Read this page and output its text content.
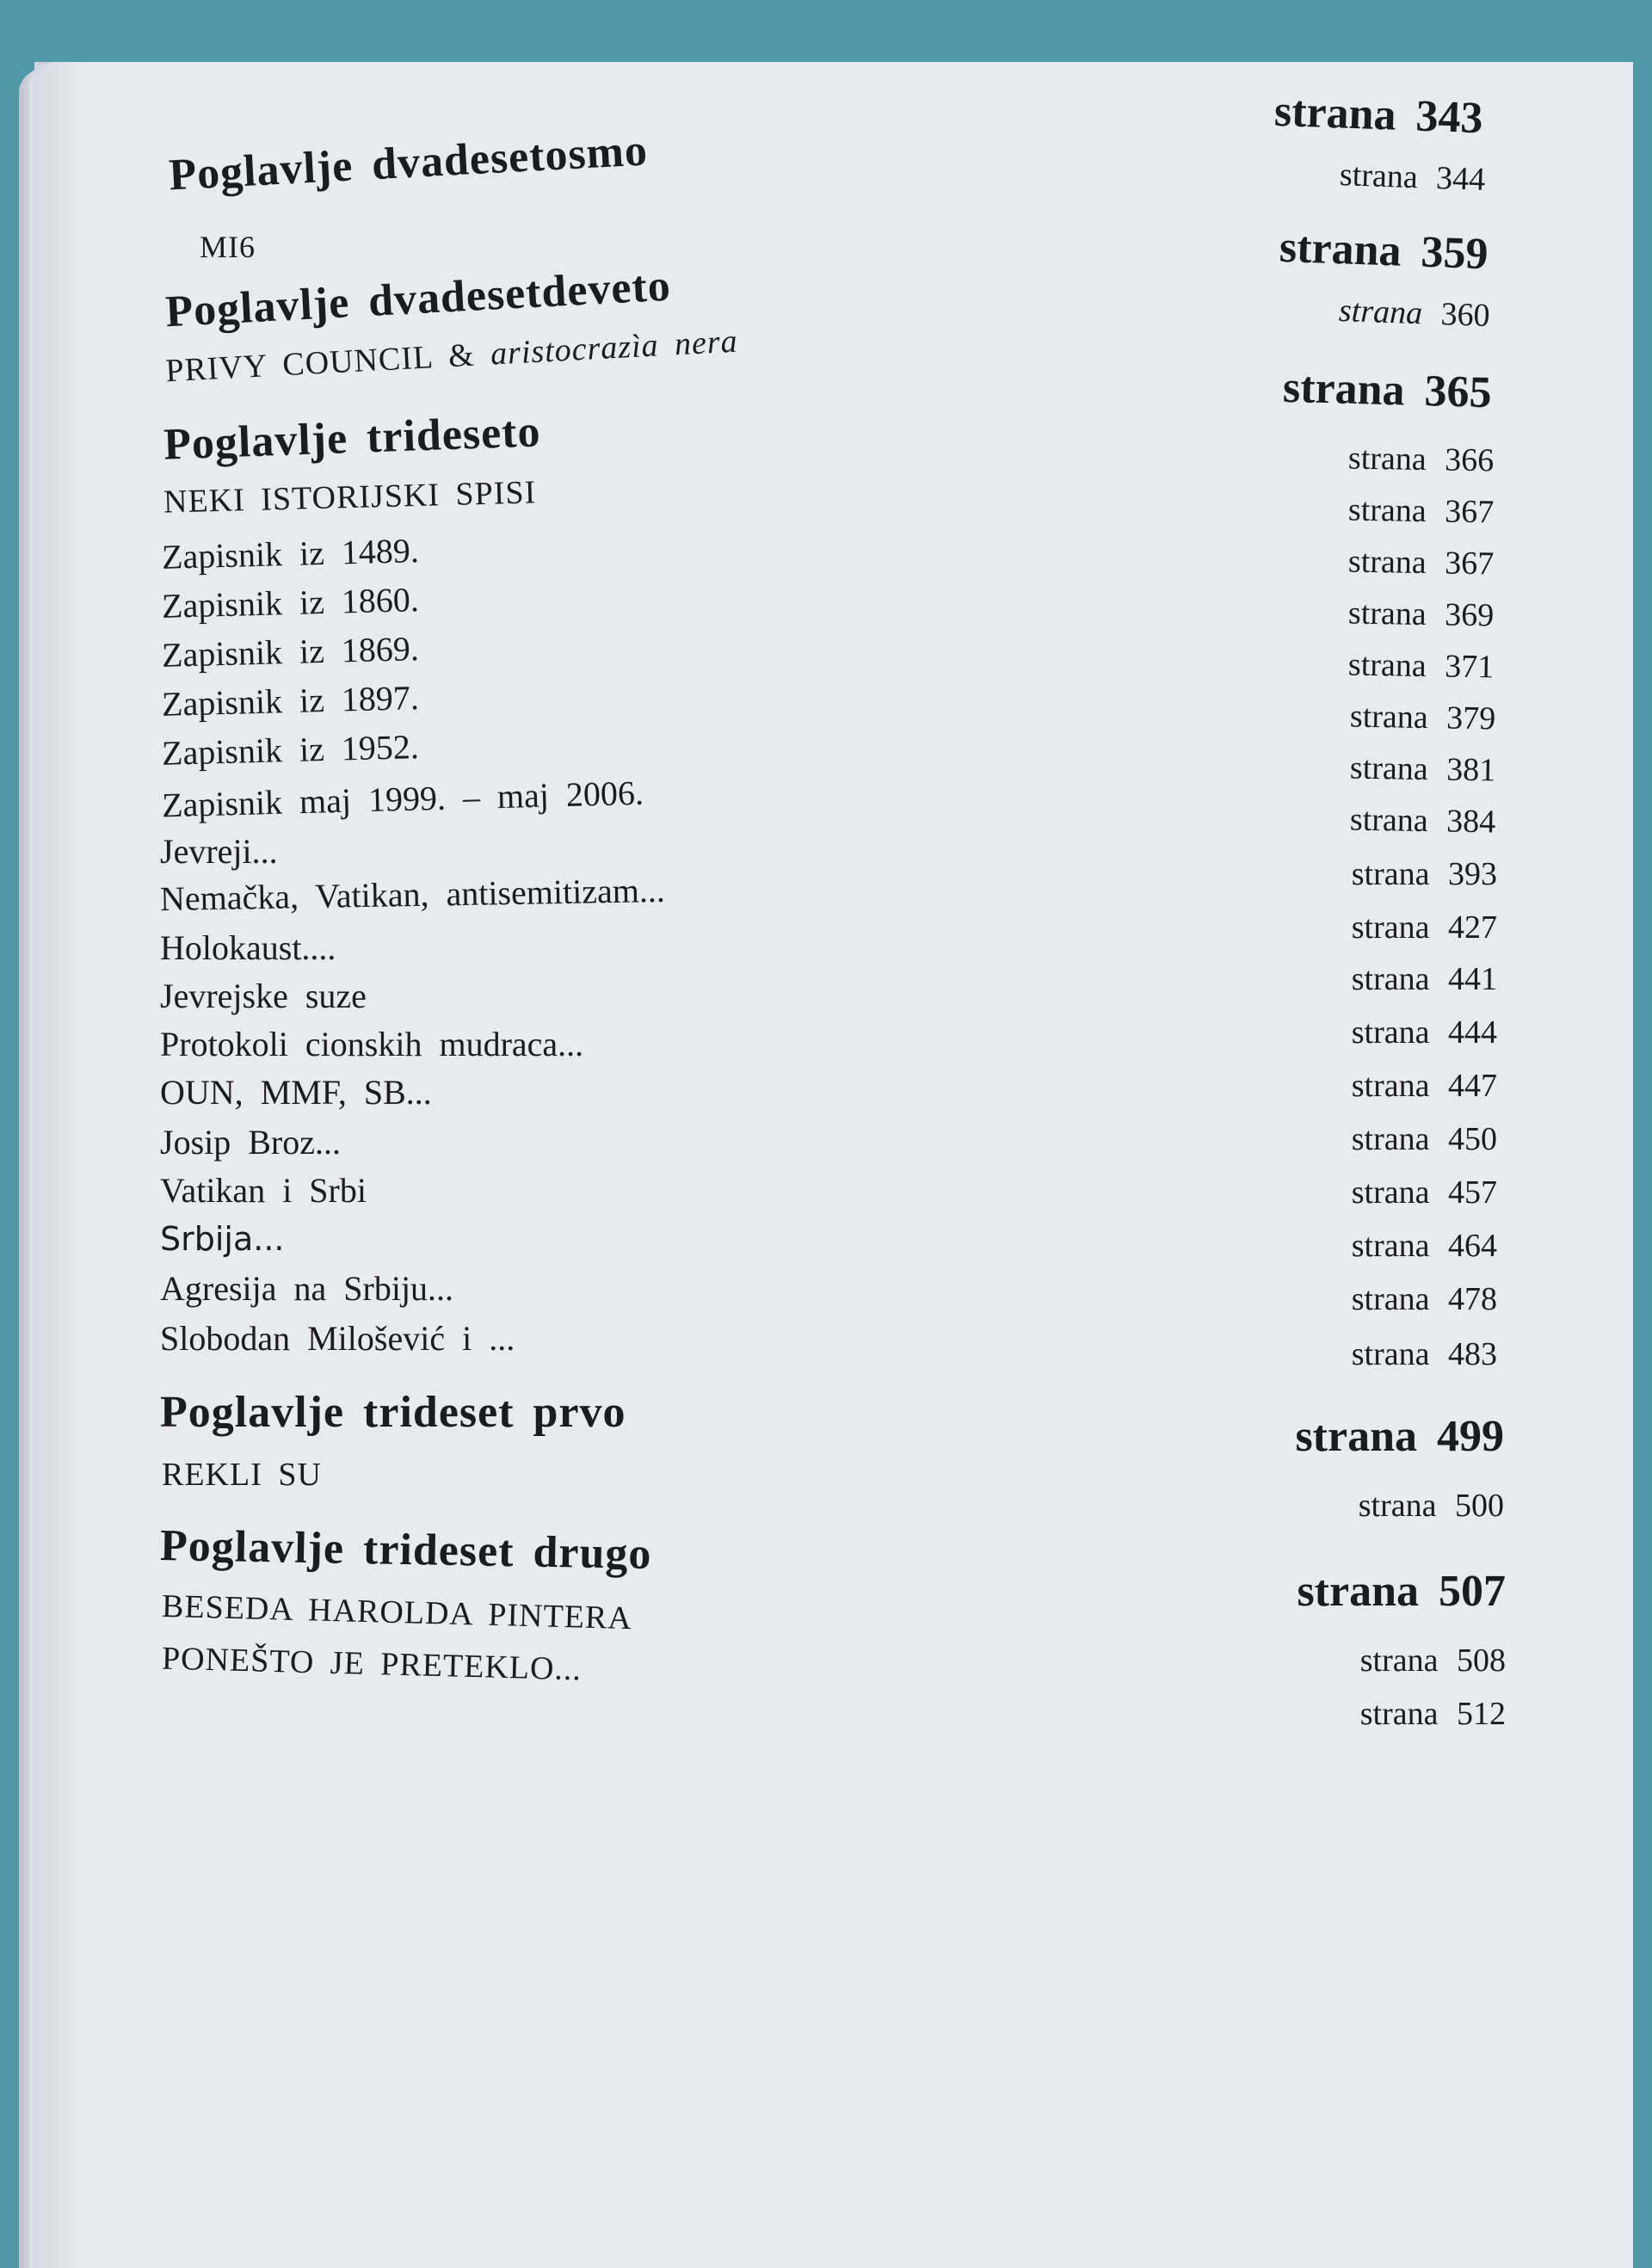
Poglavlje dvadesetosmo
MI6
Poglavlje dvadesetdeveto
PRIVY COUNCIL & aristocrazìa nera
Poglavlje trideseto
NEKI ISTORIJSKI SPISI
Zapisnik iz 1489.
Zapisnik iz 1860.
Zapisnik iz 1869.
Zapisnik iz 1897.
Zapisnik iz 1952.
Zapisnik maj 1999. – maj 2006.
Jevreji...
Nemačka, Vatikan, antisemitizam...
Holokaust....
Jevrejske suze
Protokoli cionskih mudraca...
OUN, MMF, SB...
Josip Broz...
Vatikan i Srbi
Srbija...
Agresija na Srbiju...
Slobodan Milošević i ...
Poglavlje trideset prvo
REKLI SU
Poglavlje trideset drugo
BESEDA HAROLDA PINTERA
PONEŠTO JE PRETEKLO...
strana 343
strana 344
strana 359
strana 360
strana 365
strana 366
strana 367
strana 367
strana 369
strana 371
strana 379
strana 381
strana 384
strana 393
strana 427
strana 441
strana 444
strana 447
strana 450
strana 457
strana 464
strana 478
strana 483
strana 499
strana 500
strana 507
strana 508
strana 512
